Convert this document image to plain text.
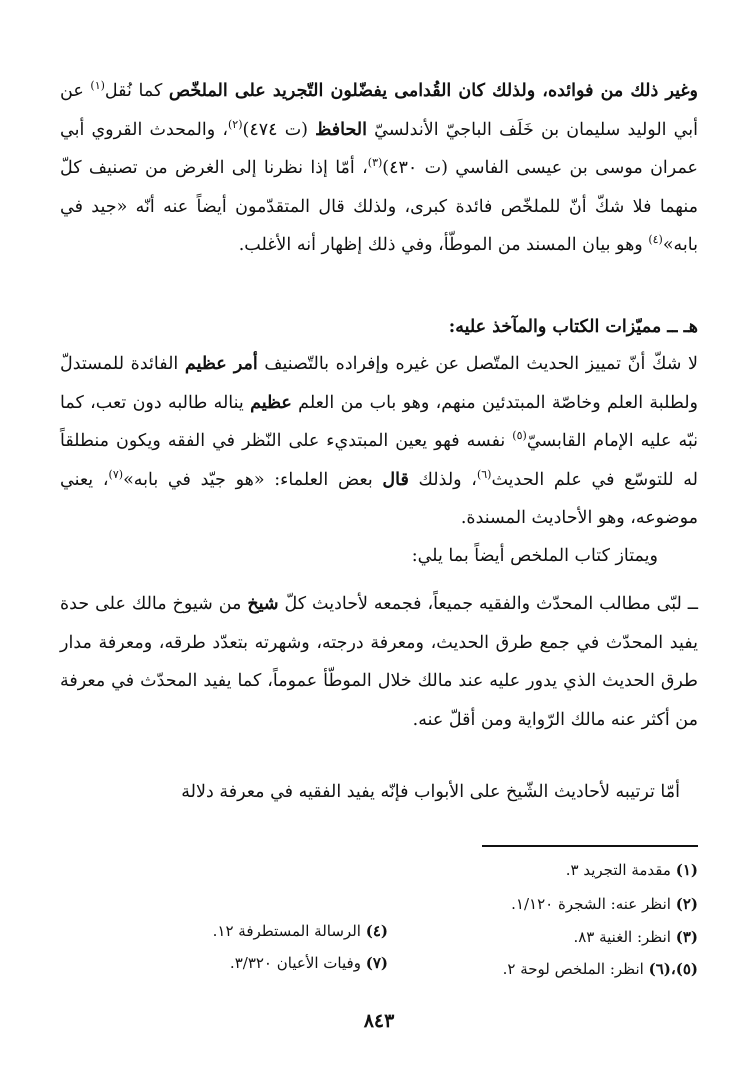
وغير ذلك من فوائده، ولذلك كان القُدامى يفضّلون التّجريد على الملخّص كما نُقل$^{(١)}$ عن أبي الوليد سليمان بن خَلَف الباجيّ الأندلسيّ الحافظ (ت ٤٧٤)$^{(٢)}$، والمحدث القروي أبي عمران موسى بن عيسى الفاسي (ت ٤٣٠)$^{(٣)}$، أمّا إذا نظرنا إلى الغرض من تصنيف كلّ منهما فلا شكّ أنّ للملخّص فائدة كبرى، ولذلك قال المتقدّمون أيضاً عنه أنّه «جيد في بابه»$^{(٤)}$ وهو بيان المسند من الموطّأ، وفي ذلك إظهار أنه الأغلب.

هـ ــ مميّزات الكتاب والمآخذ عليه:

لا شكّ أنّ تمييز الحديث المتّصل عن غيره وإفراده بالتّصنيف أمر عظيم الفائدة للمستدلّ ولطلبة العلم وخاصّة المبتدئين منهم، وهو باب من العلم عظيم يناله طالبه دون تعب، كما نبّه عليه الإمام القابسيّ$^{(٥)}$ نفسه فهو يعين المبتديء على النّظر في الفقه ويكون منطلقاً له للتوسّع في علم الحديث$^{(٦)}$، ولذلك قال بعض العلماء: «هو جيّد في بابه»$^{(٧)}$، يعني موضوعه، وهو الأحاديث المسندة.

ويمتاز كتاب الملخص أيضاً بما يلي:

ــ لبّى مطالب المحدّث والفقيه جميعاً، فجمعه لأحاديث كلّ شيخ من شيوخ مالك على حدة يفيد المحدّث في جمع طرق الحديث، ومعرفة درجته، وشهرته بتعدّد طرقه، ومعرفة مدار طرق الحديث الذي يدور عليه عند مالك خلال الموطّأ عموماً، كما يفيد المحدّث في معرفة من أكثر عنه مالك الرّواية ومن أقلّ عنه.

أمّا ترتيبه لأحاديث الشّيخ على الأبواب فإنّه يفيد الفقيه في معرفة دلالة

(١) مقدمة التجريد ٣.
(٢) انظر عنه: الشجرة ١/١٢٠.
(٣) انظر: الغنية ٨٣.
(٤) الرسالة المستطرفة ١٢.
(٥)،(٦) انظر: الملخص لوحة ٢.
(٧) وفيات الأعيان ٣/٣٢٠.
٨٤٣
